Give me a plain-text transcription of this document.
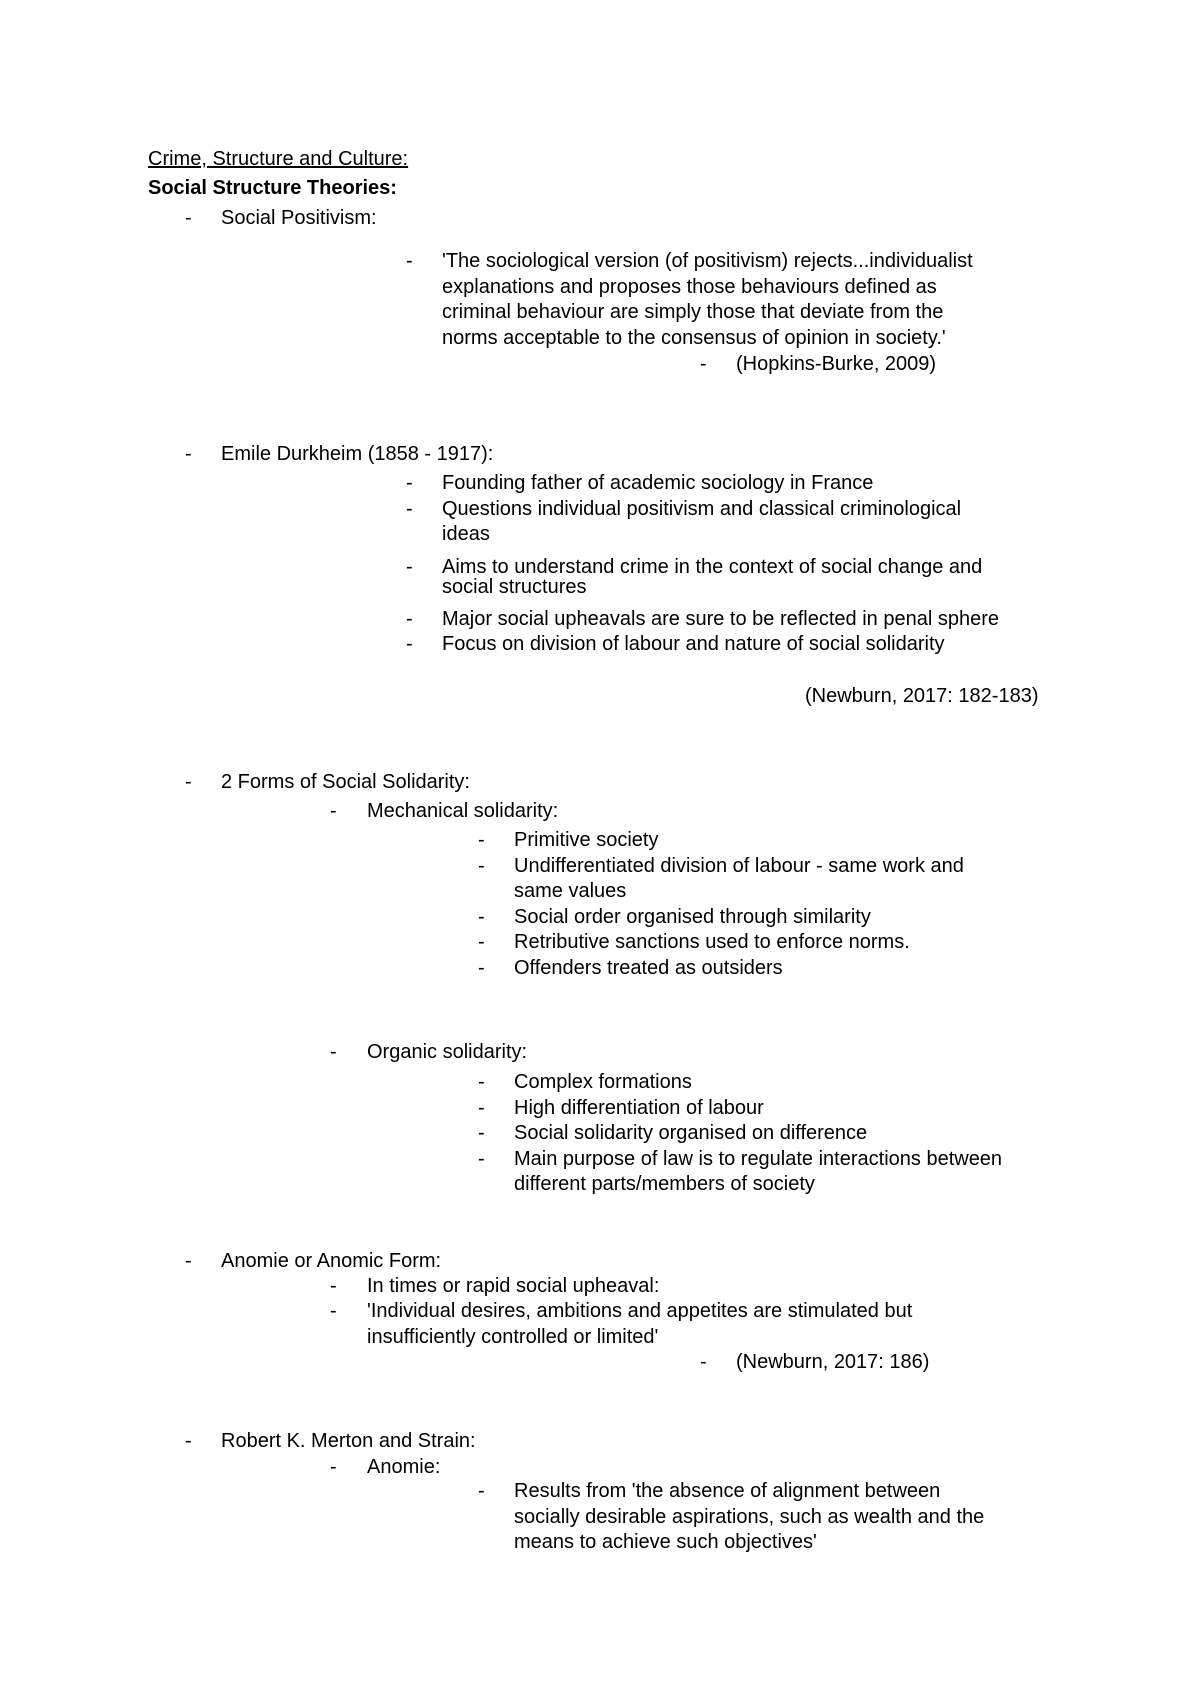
Crime, Structure and Culture:
Social Structure Theories:
- Social Positivism:
- 'The sociological version (of positivism) rejects...individualist
explanations and proposes those behaviours defined as
criminal behaviour are simply those that deviate from the
norms acceptable to the consensus of opinion in society.'
- (Hopkins-Burke, 2009)
- Emile Durkheim (1858 - 1917):
- Founding father of academic sociology in France
- Questions individual positivism and classical criminological
ideas
- Aims to understand crime in the context of social change and
social structures
- Major social upheavals are sure to be reflected in penal sphere
- Focus on division of labour and nature of social solidarity
(Newburn, 2017: 182-183)
- 2 Forms of Social Solidarity:
- Mechanical solidarity:
- Primitive society
- Undifferentiated division of labour - same work and
same values
- Social order organised through similarity
- Retributive sanctions used to enforce norms.
- Offenders treated as outsiders
- Organic solidarity:
- Complex formations
- High differentiation of labour
- Social solidarity organised on difference
- Main purpose of law is to regulate interactions between
different parts/members of society
- Anomie or Anomic Form:
- In times or rapid social upheaval:
- 'Individual desires, ambitions and appetites are stimulated but
insufficiently controlled or limited'
- (Newburn, 2017: 186)
- Robert K. Merton and Strain:
- Anomie:
- Results from 'the absence of alignment between
socially desirable aspirations, such as wealth and the
means to achieve such objectives'
